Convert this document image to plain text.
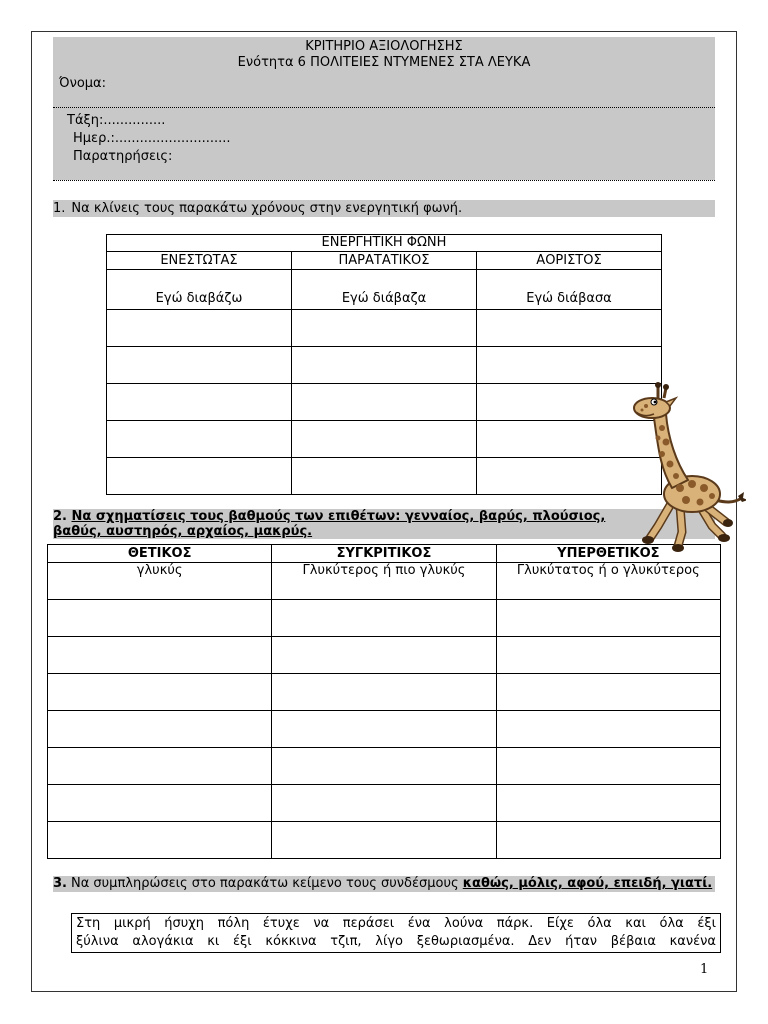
ΚΡΙΤΗΡΙΟ ΑΞΙΟΛΟΓΗΣΗΣ
Ενότητα 6 ΠΟΛΙΤΕΙΕΣ ΝΤΥΜΕΝΕΣ ΣΤΑ ΛΕΥΚΑ
Όνομα:
Τάξη:...............
Ημερ.:............................
Παρατηρήσεις:
1. Να κλίνεις τους παρακάτω χρόνους στην ενεργητική φωνή.
ΕΝΕΡΓΗΤΙΚΗ ΦΩΝΗ		
ΕΝΕΣΤΩΤΑΣ	ΠΑΡΑΤΑΤΙΚΟΣ	ΑΟΡΙΣΤΟΣ
Εγώ διαβάζω	Εγώ διάβαζα	Εγώ διάβασα

2. Να σχηματίσεις τους βαθμούς των επιθέτων: γενναίος, βαρύς, πλούσιος,
βαθύς, αυστηρός, αρχαίος, μακρύς.
ΘΕΤΙΚΟΣ	ΣΥΓΚΡΙΤΙΚΟΣ	ΥΠΕΡΘΕΤΙΚΟΣ
γλυκύς	Γλυκύτερος ή πιο γλυκύς	Γλυκύτατος ή ο γλυκύτερος

3. Να συμπληρώσεις στο παρακάτω κείμενο τους συνδέσμους καθώς, μόλις, αφού, επειδή, γιατί.
Στη μικρή ήσυχη πόλη έτυχε να περάσει ένα λούνα πάρκ. Είχε όλα και όλα έξι
ξύλινα αλογάκια κι έξι κόκκινα τζιπ, λίγο ξεθωριασμένα. Δεν ήταν βέβαια κανένα
1
